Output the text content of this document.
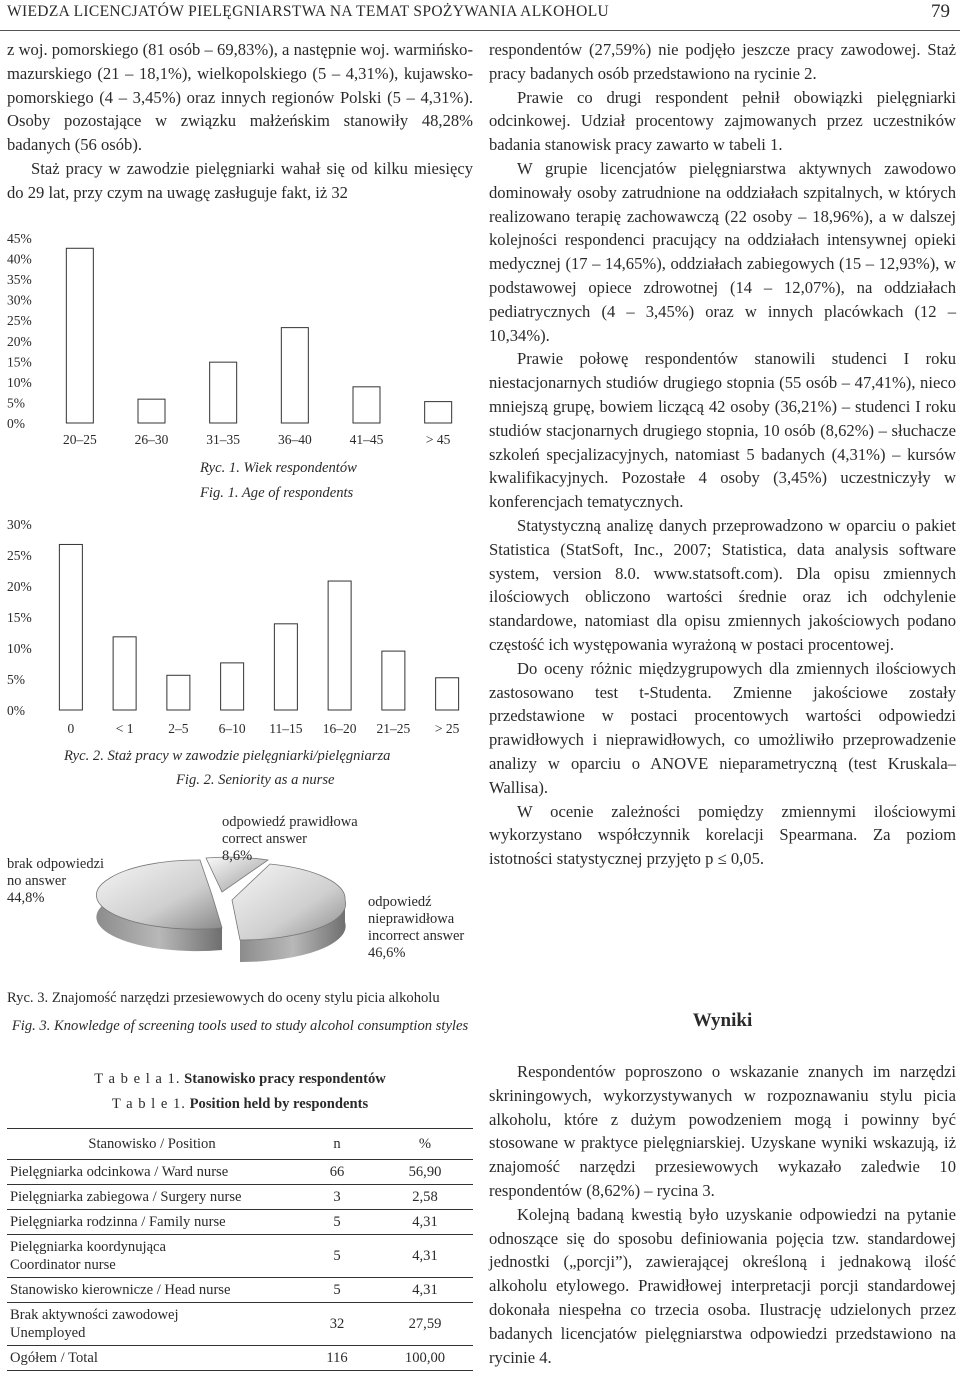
WIEDZA LICENCJATÓW PIELĘGNIARSTWA NA TEMAT SPOŻYWANIA ALKOHOLU	79

z woj. pomorskiego (81 osób – 69,83%), a następnie woj. warmińsko-mazurskiego (21 – 18,1%), wielkopolskiego (5 – 4,31%), kujawsko-pomorskiego (4 – 3,45%) oraz innych regionów Polski (5 – 4,31%). Osoby pozostające w związku małżeńskim stanowiły 48,28% badanych (56 osób).

Staż pracy w zawodzie pielęgniarki wahał się od kilku miesięcy do 29 lat, przy czym na uwagę zasługuje fakt, iż 32

45%
40%
35%
30%
25%
20%
15%
10%
5%
0%
20–25	26–30	31–35	36–40	41–45	> 45
Ryc. 1. Wiek respondentów
Fig. 1. Age of respondents
30%
25%
20%
15%
10%
5%
0%
0	< 1	2–5 6–10 11–15 16–20 21–25 > 25
Ryc. 2. Staż pracy w zawodzie pielęgniarki/pielęgniarza
Fig. 2. Seniority as a nurse
odpowiedź prawidłowa
correct answer
8,6%
brak odpowiedzi
no answer
44,8%	odpowiedź
nieprawidłowa
incorrect answer
46,6%
Ryc. 3. Znajomość narzędzi przesiewowych do oceny stylu picia alkoholu
Fig. 3. Knowledge of screening tools used to study alcohol consumption styles
T a b e l a 1. Stanowisko pracy respondentów
T a b l e 1. Position held by respondents
Stanowisko / Position	n	%
Pielęgniarka odcinkowa / Ward nurse	66	56,90
Pielęgniarka zabiegowa / Surgery nurse	3	2,58
Pielęgniarka rodzinna / Family nurse	5	4,31
Pielęgniarka koordynująca
Coordinator nurse	5	4,31
Stanowisko kierownicze / Head nurse	5	4,31
Brak aktywności zawodowej
Unemployed	32	27,59
Ogółem / Total	116	100,00

respondentów (27,59%) nie podjęło jeszcze pracy zawodowej. Staż pracy badanych osób przedstawiono na rycinie 2.

Prawie co drugi respondent pełnił obowiązki pielęgniarki odcinkowej. Udział procentowy zajmowanych przez uczestników badania stanowisk pracy zawarto w tabeli 1.

W grupie licencjatów pielęgniarstwa aktywnych zawodowo dominowały osoby zatrudnione na oddziałach szpitalnych, w których realizowano terapię zachowawczą (22 osoby – 18,96%), a w dalszej kolejności respondenci pracujący na oddziałach intensywnej opieki medycznej (17 – 14,65%), oddziałach zabiegowych (15 – 12,93%), w podstawowej opiece zdrowotnej (14 – 12,07%), na oddziałach pediatrycznych (4 – 3,45%) oraz w innych placówkach (12 – 10,34%).

Prawie połowę respondentów stanowili studenci I roku niestacjonarnych studiów drugiego stopnia (55 osób – 47,41%), nieco mniejszą grupę, bowiem liczącą 42 osoby (36,21%) – studenci I roku studiów stacjonarnych drugiego stopnia, 10 osób (8,62%) – słuchacze szkoleń specjalizacyjnych, natomiast 5 badanych (4,31%) – kursów kwalifikacyjnych. Pozostałe 4 osoby (3,45%) uczestniczyły w konferencjach tematycznych.

Statystyczną analizę danych przeprowadzono w oparciu o pakiet Statistica (StatSoft, Inc., 2007; Statistica, data analysis software system, version 8.0. www.statsoft.com). Dla opisu zmiennych ilościowych obliczono wartości średnie oraz ich odchylenie standardowe, natomiast dla opisu zmiennych jakościowych podano częstość ich występowania wyrażoną w postaci procentowej.

Do oceny różnic międzygrupowych dla zmiennych ilościowych zastosowano test t-Studenta. Zmienne jakościowe zostały przedstawione w postaci procentowych wartości odpowiedzi prawidłowych i nieprawidłowych, co umożliwiło przeprowadzenie analizy w oparciu o ANOVE nieparametryczną (test Kruskala–Wallisa).

W ocenie zależności pomiędzy zmiennymi ilościowymi wykorzystano współczynnik korelacji Spearmana. Za poziom istotności statystycznej przyjęto p ≤ 0,05.

Wyniki

Respondentów poproszono o wskazanie znanych im narzędzi skriningowych, wykorzystywanych w rozpoznawaniu stylu picia alkoholu, które z dużym powodzeniem mogą i powinny być stosowane w praktyce pielęgniarskiej. Uzyskane wyniki wskazują, iż znajomość narzędzi przesiewowych wykazało zaledwie 10 respondentów (8,62%) – rycina 3.

Kolejną badaną kwestią było uzyskanie odpowiedzi na pytanie odnoszące się do sposobu definiowania pojęcia tzw. standardowej jednostki („porcji”), zawierającej określoną i jednakową ilość alkoholu etylowego. Prawidłowej interpretacji porcji standardowej dokonała niespełna co trzecia osoba. Ilustrację udzielonych przez badanych licencjatów pielęgniarstwa odpowiedzi przedstawiono na rycinie 4.
